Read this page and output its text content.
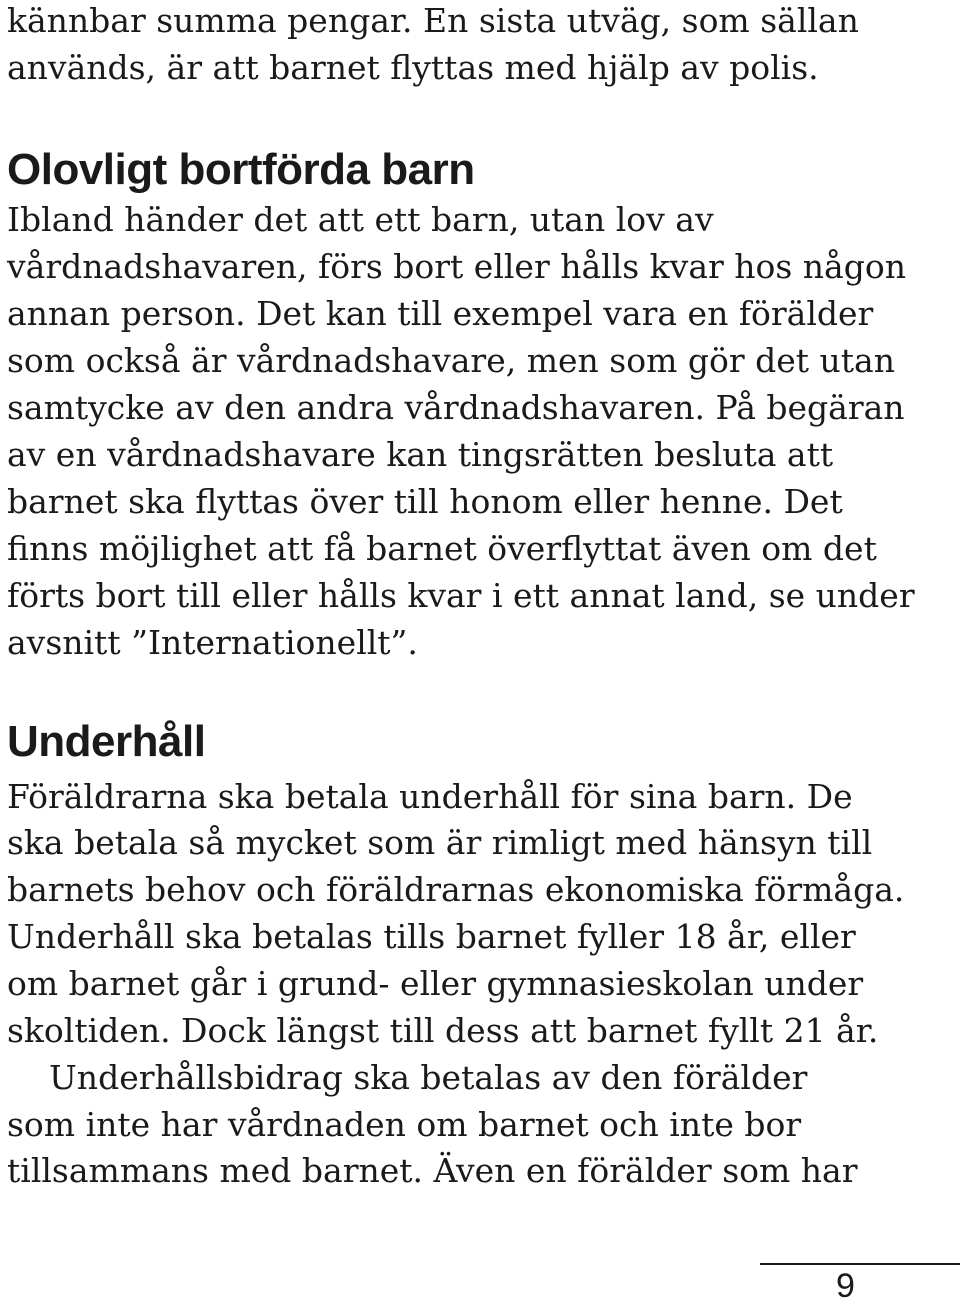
kännbar summa pengar. En sista utväg, som sällan
används, är att barnet flyttas med hjälp av polis.
Olovligt bortförda barn
Ibland händer det att ett barn, utan lov av
vårdnadshavaren, förs bort eller hålls kvar hos någon
annan person. Det kan till exempel vara en förälder
som också är vårdnadshavare, men som gör det utan
samtycke av den andra vårdnadshavaren. På begäran
av en vårdnadshavare kan tingsrätten besluta att
barnet ska flyttas över till honom eller henne. Det
finns möjlighet att få barnet överflyttat även om det
förts bort till eller hålls kvar i ett annat land, se under
avsnitt ”Internationellt”.
Underhåll
Föräldrarna ska betala underhåll för sina barn. De
ska betala så mycket som är rimligt med hänsyn till
barnets behov och föräldrarnas ekonomiska förmåga.
Underhåll ska betalas tills barnet fyller 18 år, eller
om barnet går i grund- eller gymnasieskolan under
skoltiden. Dock längst till dess att barnet fyllt 21 år.
Underhållsbidrag ska betalas av den förälder
som inte har vårdnaden om barnet och inte bor
tillsammans med barnet. Även en förälder som har
9
